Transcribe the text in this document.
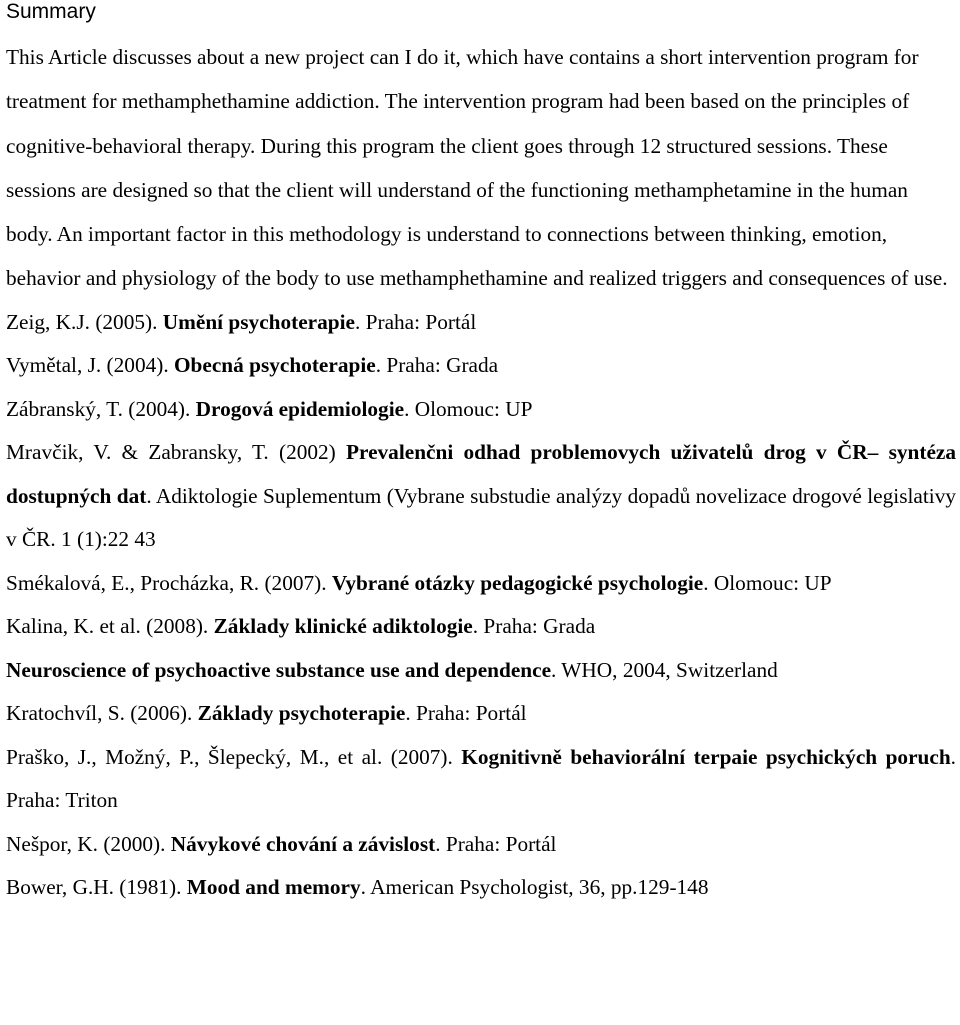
Summary

This Article discusses about a new project can I do it, which have contains a short intervention program for treatment for methamphethamine addiction. The intervention program had been based on the principles of cognitive-behavioral therapy. During this program the client goes through 12 structured sessions. These sessions are designed so that the client will understand of the functioning methamphetamine in the human body. An important factor in this methodology is understand to connections between thinking, emotion, behavior and physiology of the body to use methamphethamine and realized triggers and consequences of use.

Zeig, K.J. (2005). Umění psychoterapie. Praha: Portál

Vymětal, J. (2004). Obecná psychoterapie. Praha: Grada

Zábranský, T. (2004). Drogová epidemiologie. Olomouc: UP

Mravčik, V. & Zabransky, T. (2002) Prevalenčni odhad problemovych uživatelů drog v ČR– syntéza dostupných dat. Adiktologie Suplementum (Vybrane substudie analýzy dopadů novelizace drogové legislativy v ČR. 1 (1):22 43

Smékalová, E., Procházka, R. (2007). Vybrané otázky pedagogické psychologie. Olomouc: UP

Kalina, K. et al. (2008). Základy klinické adiktologie. Praha: Grada

Neuroscience of psychoactive substance use and dependence. WHO, 2004, Switzerland

Kratochvíl, S. (2006). Základy psychoterapie. Praha: Portál

Praško, J., Možný, P., Šlepecký, M., et al. (2007). Kognitivně behaviorální terpaie psychických poruch. Praha: Triton

Nešpor, K. (2000). Návykové chování a závislost. Praha: Portál

Bower, G.H. (1981). Mood and memory. American Psychologist, 36, pp.129-148
